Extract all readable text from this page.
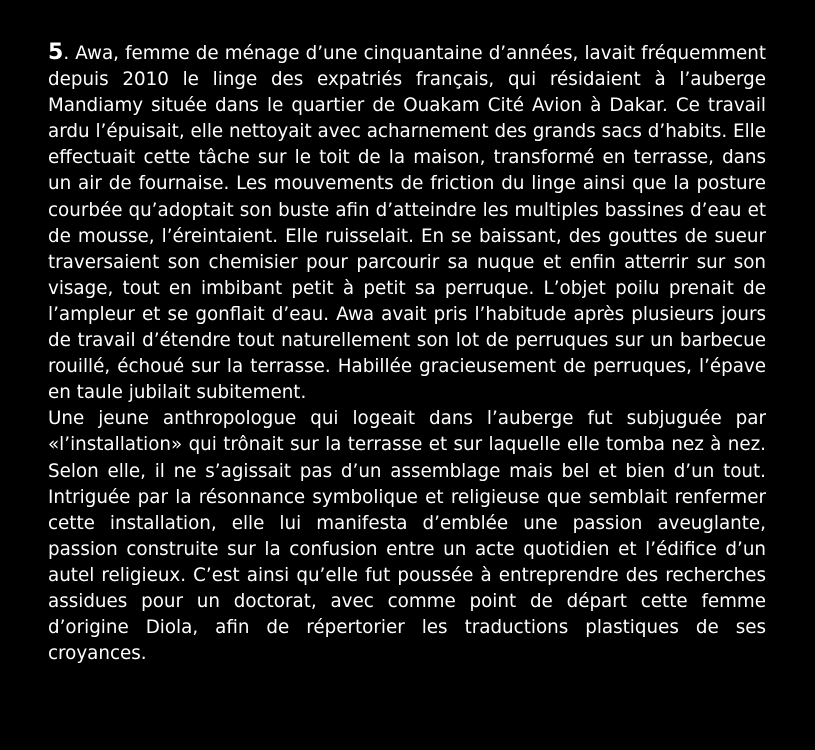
5. Awa, femme de ménage d’une cinquantaine d’années, lavait fréquemment depuis 2010 le linge des expatriés français, qui résidaient à l’auberge Mandiamy située dans le quartier de Ouakam Cité Avion à Dakar. Ce travail ardu l’épuisait, elle nettoyait avec acharnement des grands sacs d’habits. Elle effectuait cette tâche sur le toit de la maison, transformé en terrasse, dans un air de fournaise. Les mouvements de friction du linge ainsi que la posture courbée qu’adoptait son buste afin d’atteindre les multiples bassines d’eau et de mousse, l’éreintaient. Elle ruisselait. En se baissant, des gouttes de sueur traversaient son chemisier pour parcourir sa nuque et enfin atterrir sur son visage, tout en imbibant petit à petit sa perruque. L’objet poilu prenait de l’ampleur et se gonflait d’eau. Awa avait pris l’habitude après plusieurs jours de travail d’étendre tout naturellement son lot de perruques sur un barbecue rouillé, échoué sur la terrasse. Habillée gracieusement de perruques, l’épave en taule jubilait subitement.

Une jeune anthropologue qui logeait dans l’auberge fut subjuguée par «l’installation» qui trônait sur la terrasse et sur laquelle elle tomba nez à nez. Selon elle, il ne s’agissait pas d’un assemblage mais bel et bien d’un tout. Intriguée par la résonnance symbolique et religieuse que semblait renfermer cette installation, elle lui manifesta d’emblée une passion aveuglante, passion construite sur la confusion entre un acte quotidien et l’édifice d’un autel religieux. C’est ainsi qu’elle fut poussée à entreprendre des recherches assidues pour un doctorat, avec comme point de départ cette femme d’origine Diola, afin de répertorier les traductions plastiques de ses croyances.
